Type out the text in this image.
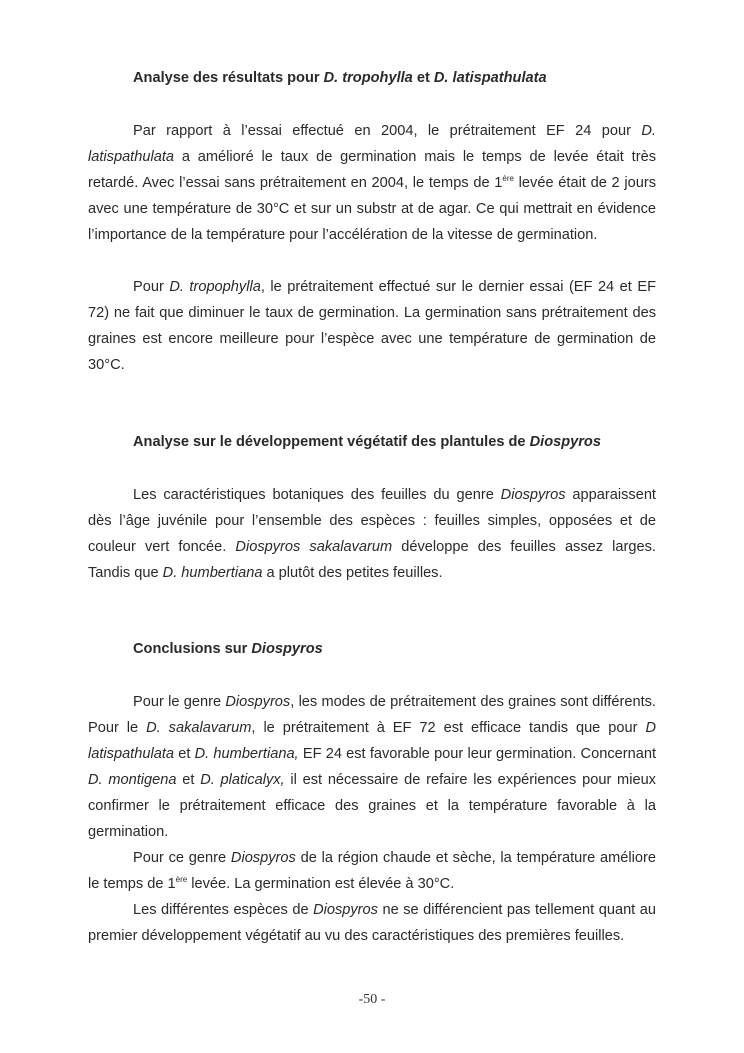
Analyse des résultats pour D. tropohylla et D. latispathulata

Par rapport à l’essai effectué en 2004, le prétraitement EF 24 pour D. latispathulata a amélioré le taux de germination mais le temps de levée était très retardé. Avec l’essai sans prétraitement en 2004, le temps de 1ère levée était de 2 jours avec une température de 30°C et sur un substr at de agar. Ce qui mettrait en évidence l’importance de la température pour l’accélération de la vitesse de germination.

Pour D. tropophylla, le prétraitement effectué sur le dernier essai (EF 24 et EF 72) ne fait que diminuer le taux de germination. La germination sans prétraitement des graines est encore meilleure pour l’espèce avec une température de germination de 30°C.

Analyse sur le développement végétatif des plantules de Diospyros

Les caractéristiques botaniques des feuilles du genre Diospyros apparaissent dès l’âge juvénile pour l’ensemble des espèces : feuilles simples, opposées et de couleur vert foncée. Diospyros sakalavarum développe des feuilles assez larges. Tandis que D. humbertiana a plutôt des petites feuilles.

Conclusions sur Diospyros

Pour le genre Diospyros, les modes de prétraitement des graines sont différents. Pour le D. sakalavarum, le prétraitement à EF 72 est efficace tandis que pour D latispathulata et D. humbertiana, EF 24 est favorable pour leur germination. Concernant D. montigena et D. platicalyx, il est nécessaire de refaire les expériences pour mieux confirmer le prétraitement efficace des graines et la température favorable à la germination.

Pour ce genre Diospyros de la région chaude et sèche, la température améliore le temps de 1ère levée. La germination est élevée à 30°C.

Les différentes espèces de Diospyros ne se différencient pas tellement quant au premier développement végétatif au vu des caractéristiques des premières feuilles.

-50 -
